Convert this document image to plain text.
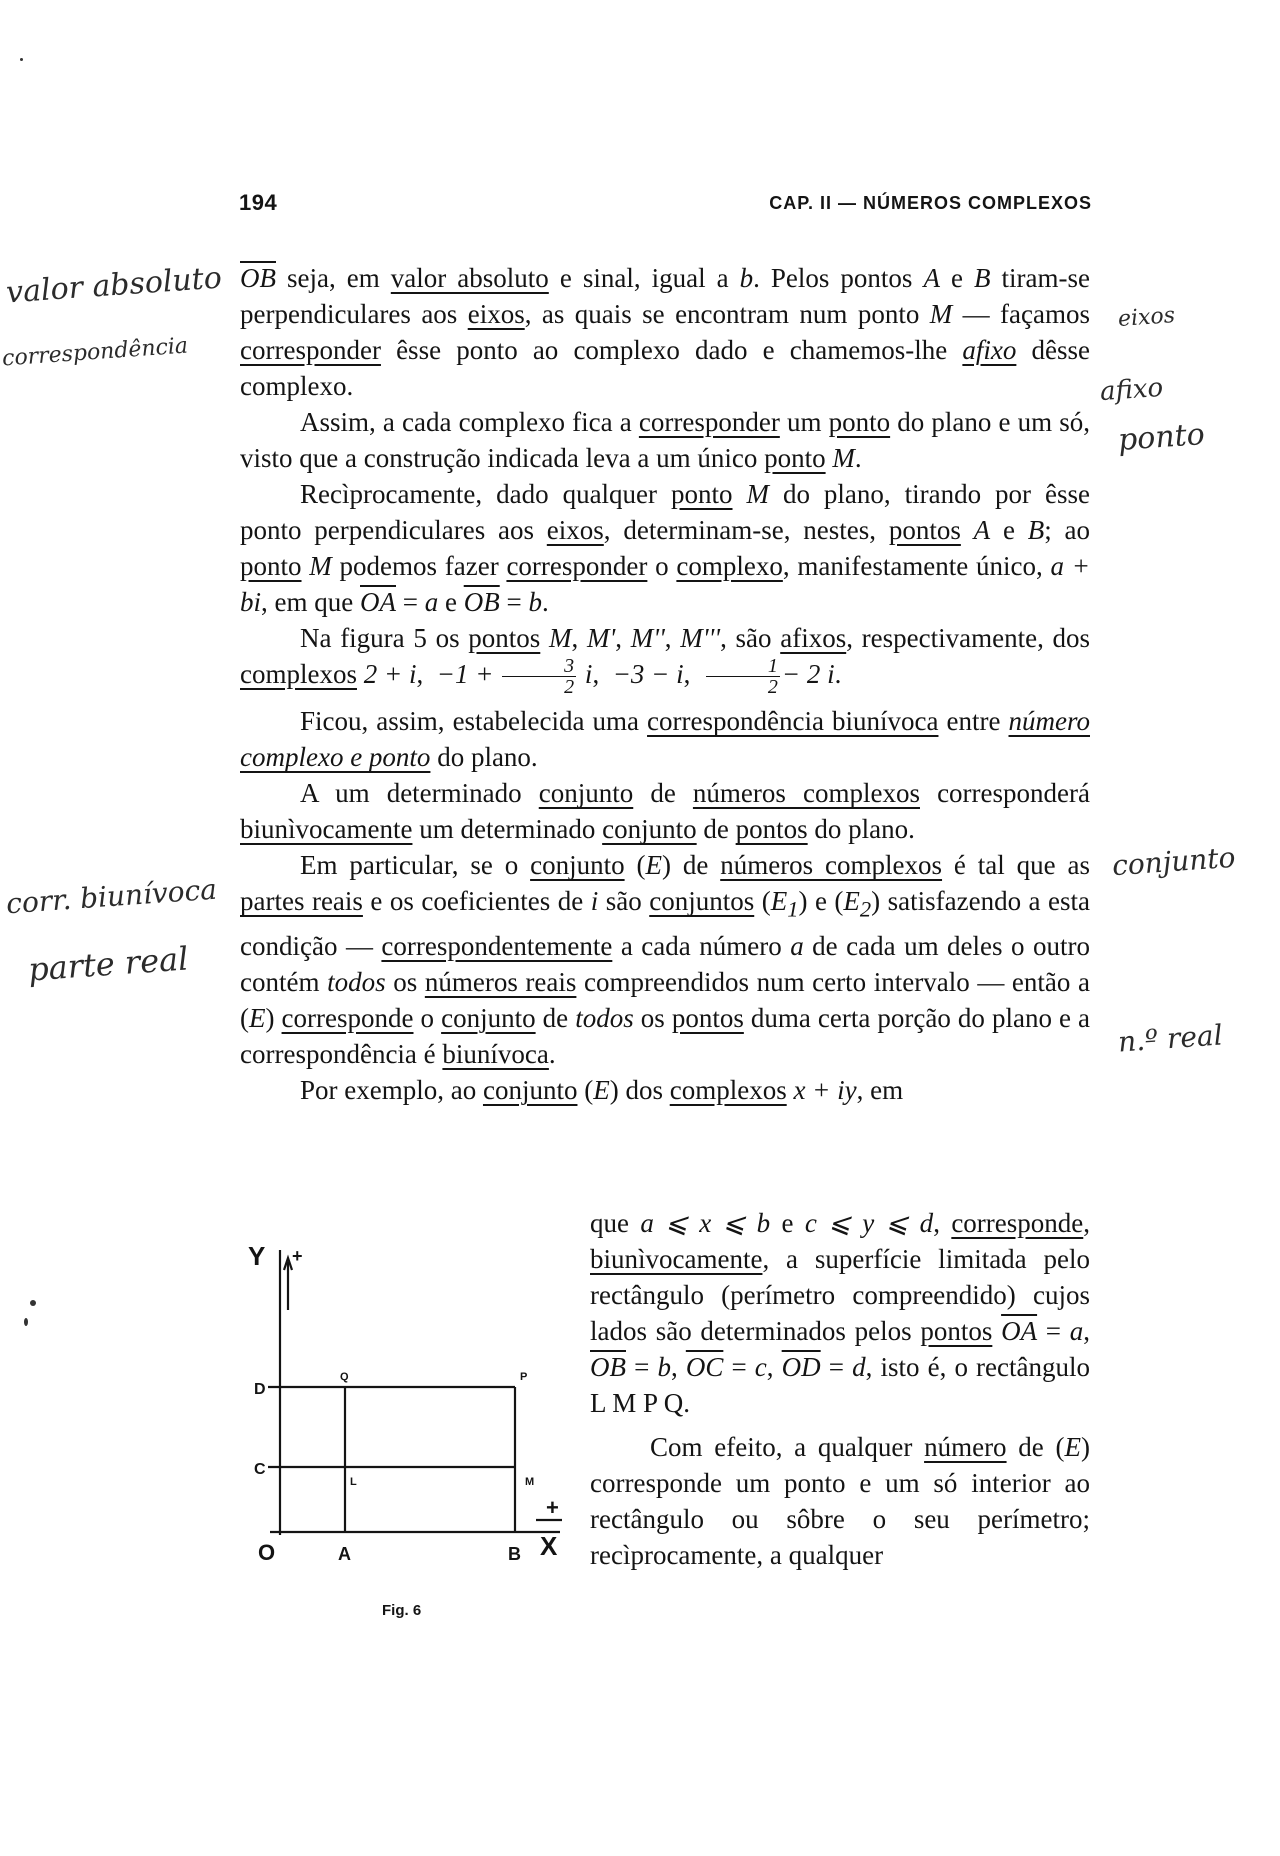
194	CAP. II — NÚMEROS COMPLEXOS

$\overline{OB}$ seja, em valor absoluto e sinal, igual a b. Pelos pontos A e B tiram-se perpendiculares aos eixos, as quais se encontram num ponto M — façamos corresponder êsse ponto ao complexo dado e chamemos-lhe afixo dêsse complexo.

Assim, a cada complexo fica a corresponder um ponto do plano e um só, visto que a construção indicada leva a um único ponto M.

Recìprocamente, dado qualquer ponto M do plano, tirando por êsse ponto perpendiculares aos eixos, determinam-se, nestes, pontos A e B; ao ponto M podemos fazer corresponder o complexo, manifestamente único, a + bi, em que $\overline{OA} = a$ e $\overline{OB} = b$.

Na figura 5 os pontos M, M', M'', M''', são afixos, respectivamente, dos complexos 2 + i,  $-1 + \frac{3}{2} i$,  −3 − i, $\frac{1}{2} - 2$ i.

Ficou, assim, estabelecida uma correspondência biunívoca entre número complexo e ponto do plano.

A um determinado conjunto de números complexos corresponderá biunìvocamente um determinado conjunto de pontos do plano.

Em particular, se o conjunto (E) de números complexos é tal que as partes reais e os coeficientes de i são conjuntos $(E_1)$ e $(E_2)$ satisfazendo a esta condição — correspondentemente a cada número a de cada um deles o outro contém todos os números reais compreendidos num certo intervalo — então a (E) corresponde o conjunto de todos os pontos duma certa porção do plano e a correspondência é biunívoca.

Por exemplo, ao conjunto (E) dos complexos x + iy, em

que a ⩽ x ⩽ b e c ⩽ y ⩽ d, corresponde, biunìvocamente, a superfície limitada pelo rectângulo (perímetro compreendido) cujos lados são determinados pelos pontos $\overline{OA} = a$, $\overline{OB} = b$, $\overline{OC} = c$, $\overline{OD} = d$, isto é, o rectângulo L M P Q.

Com efeito, a qualquer número de (E) corresponde um ponto e um só interior ao rectângulo ou sôbre o seu perímetro; recìprocamente, a qualquer

Y +
+
X
O	A	B
C
D
L	M
P
Q
Fig. 6
valor absoluto
correspondência
corr. biunívoca
parte real
eixos
afixo
ponto
conjunto
n.º real
